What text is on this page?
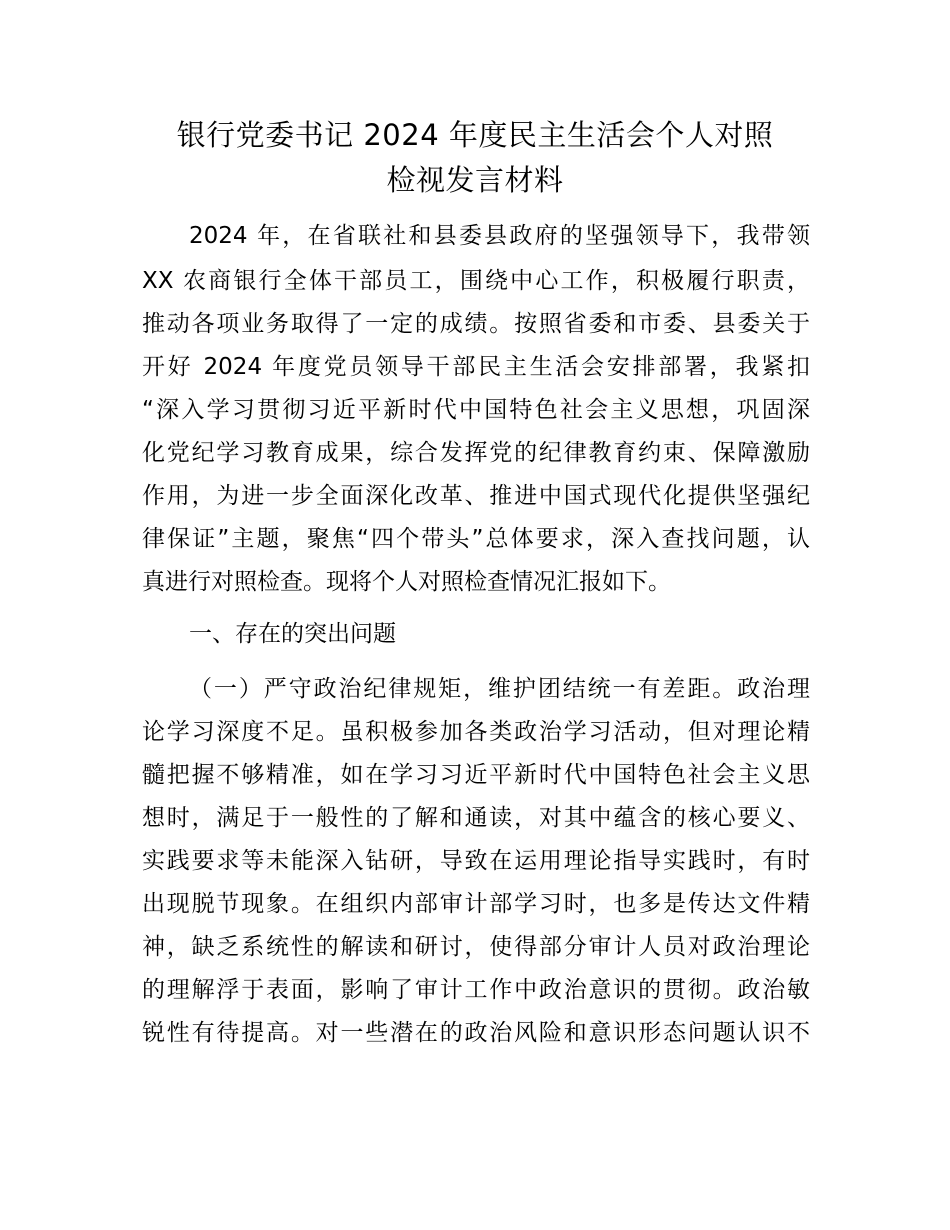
银行党委书记 2024 年度民主生活会个人对照
检视发言材料
2024 年，在省联社和县委县政府的坚强领导下，我带领
XX 农商银行全体干部员工，围绕中心工作，积极履行职责，
推动各项业务取得了一定的成绩。按照省委和市委、县委关于
开好 2024 年度党员领导干部民主生活会安排部署，我紧扣
“深入学习贯彻习近平新时代中国特色社会主义思想，巩固深
化党纪学习教育成果，综合发挥党的纪律教育约束、保障激励
作用，为进一步全面深化改革、推进中国式现代化提供坚强纪
律保证”主题，聚焦“四个带头”总体要求，深入查找问题，认
真进行对照检查。现将个人对照检查情况汇报如下。
一、存在的突出问题
（一）严守政治纪律规矩，维护团结统一有差距。政治理
论学习深度不足。虽积极参加各类政治学习活动，但对理论精
髓把握不够精准，如在学习习近平新时代中国特色社会主义思
想时，满足于一般性的了解和通读，对其中蕴含的核心要义、
实践要求等未能深入钻研，导致在运用理论指导实践时，有时
出现脱节现象。在组织内部审计部学习时，也多是传达文件精
神，缺乏系统性的解读和研讨，使得部分审计人员对政治理论
的理解浮于表面，影响了审计工作中政治意识的贯彻。政治敏
锐性有待提高。对一些潜在的政治风险和意识形态问题认识不
